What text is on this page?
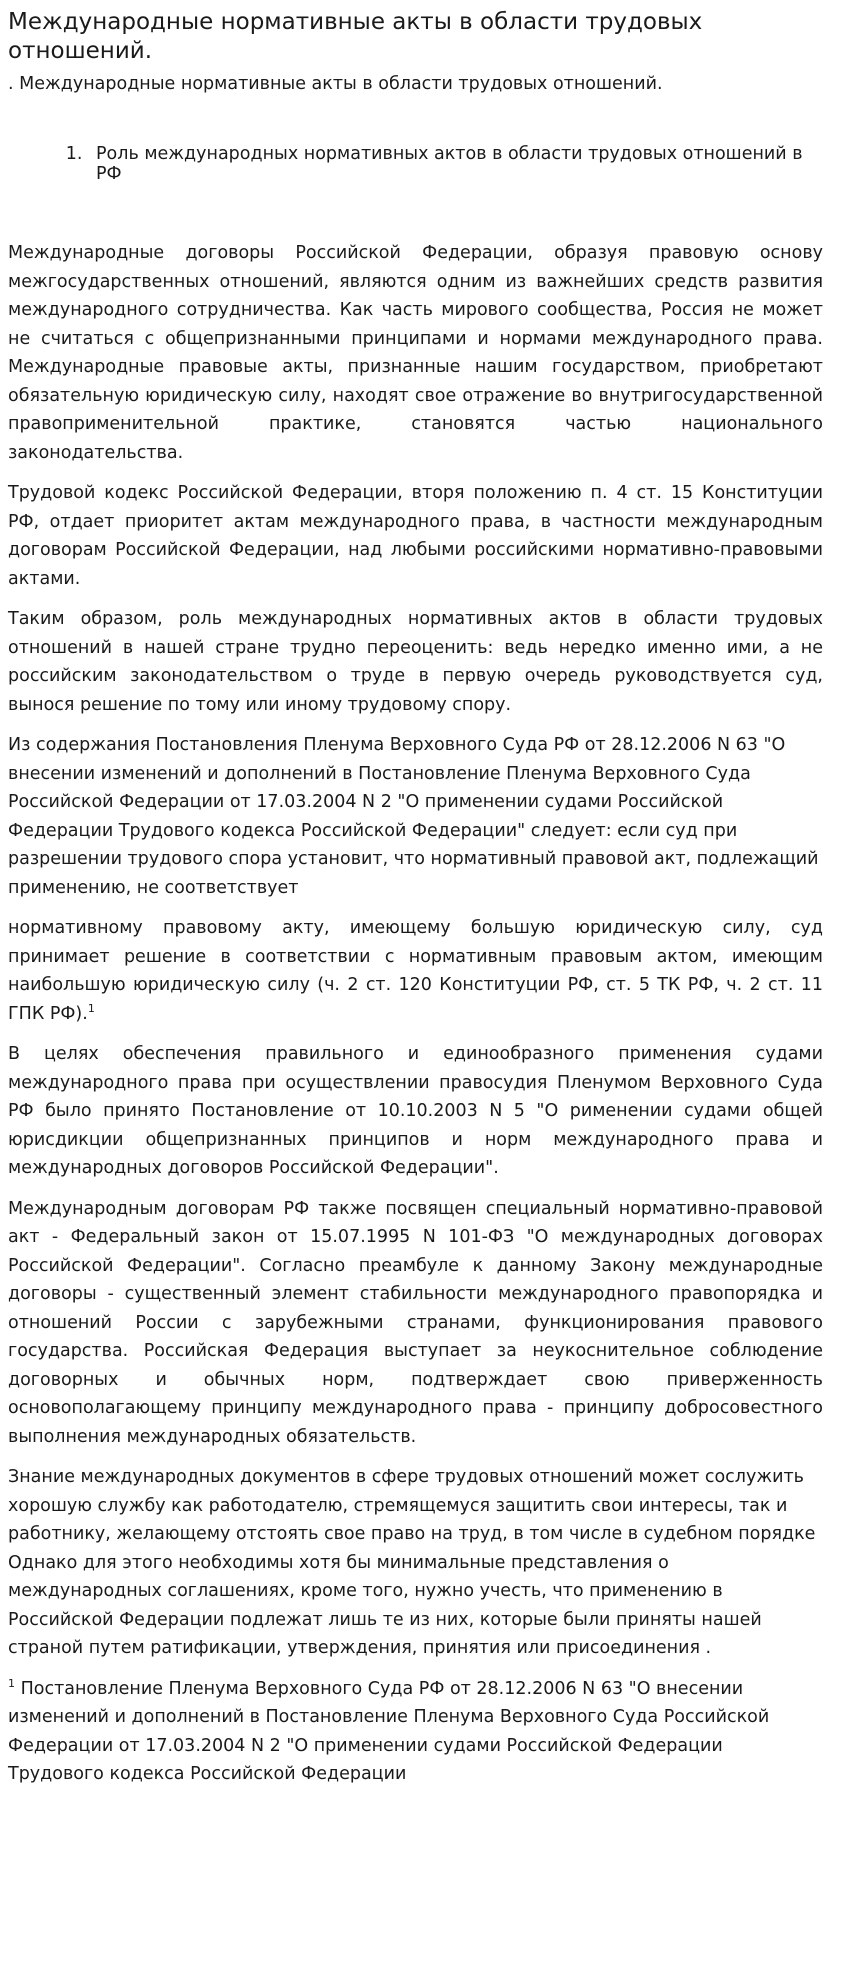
Международные нормативные акты в области трудовых отношений.
. Международные нормативные акты в области трудовых отношений.
1. Роль международных нормативных актов в области трудовых отношений в РФ

Международные договоры Российской Федерации, образуя правовую основу межгосударственных отношений, являются одним из важнейших средств развития международного сотрудничества. Как часть мирового сообщества, Россия не может не считаться с общепризнанными принципами и нормами международного права. Международные правовые акты, признанные нашим государством, приобретают обязательную юридическую силу, находят свое отражение во внутригосударственной правоприменительной практике, становятся частью национального законодательства.

Трудовой кодекс Российской Федерации, вторя положению п. 4 ст. 15 Конституции РФ, отдает приоритет актам международного права, в частности международным договорам Российской Федерации, над любыми российскими нормативно-правовыми актами.

Таким образом, роль международных нормативных актов в области трудовых отношений в нашей стране трудно переоценить: ведь нередко именно ими, а не российским законодательством о труде в первую очередь руководствуется суд, вынося решение по тому или иному трудовому спору.

Из содержания Постановления Пленума Верховного Суда РФ от 28.12.2006 N 63 "О внесении изменений и дополнений в Постановление Пленума Верховного Суда Российской Федерации от 17.03.2004 N 2 "О применении судами Российской Федерации Трудового кодекса Российской Федерации" следует: если суд при разрешении трудового спора установит, что нормативный правовой акт, подлежащий применению, не соответствует

нормативному правовому акту, имеющему большую юридическую силу, суд принимает решение в соответствии с нормативным правовым актом, имеющим наибольшую юридическую силу (ч. 2 ст. 120 Конституции РФ, ст. 5 ТК РФ, ч. 2 ст. 11 ГПК РФ).$^1$

В целях обеспечения правильного и единообразного применения судами международного права при осуществлении правосудия Пленумом Верховного Суда РФ было принято Постановление от 10.10.2003 N 5 "О рименении судами общей юрисдикции общепризнанных принципов и норм международного права и международных договоров Российской Федерации".

Международным договорам РФ также посвящен специальный нормативно-правовой акт - Федеральный закон от 15.07.1995 N 101-ФЗ "О международных договорах Российской Федерации". Согласно преамбуле к данному Закону международные договоры - существенный элемент стабильности международного правопорядка и отношений России с зарубежными странами, функционирования правового государства. Российская Федерация выступает за неукоснительное соблюдение договорных и обычных норм, подтверждает свою приверженность основополагающему принципу международного права - принципу добросовестного выполнения международных обязательств.

Знание международных документов в сфере трудовых отношений может сослужить хорошую службу как работодателю, стремящемуся защитить свои интересы, так и работнику, желающему отстоять свое право на труд, в том числе в судебном порядке Однако для этого необходимы хотя бы минимальные представления о международных соглашениях, кроме того, нужно учесть, что применению в Российской Федерации подлежат лишь те из них, которые были приняты нашей страной путем ратификации, утверждения, принятия или присоединения .

$^1$ Постановление Пленума Верховного Суда РФ от 28.12.2006 N 63 "О внесении изменений и дополнений в Постановление Пленума Верховного Суда Российской Федерации от 17.03.2004 N 2 "О применении судами Российской Федерации Трудового кодекса Российской Федерации
